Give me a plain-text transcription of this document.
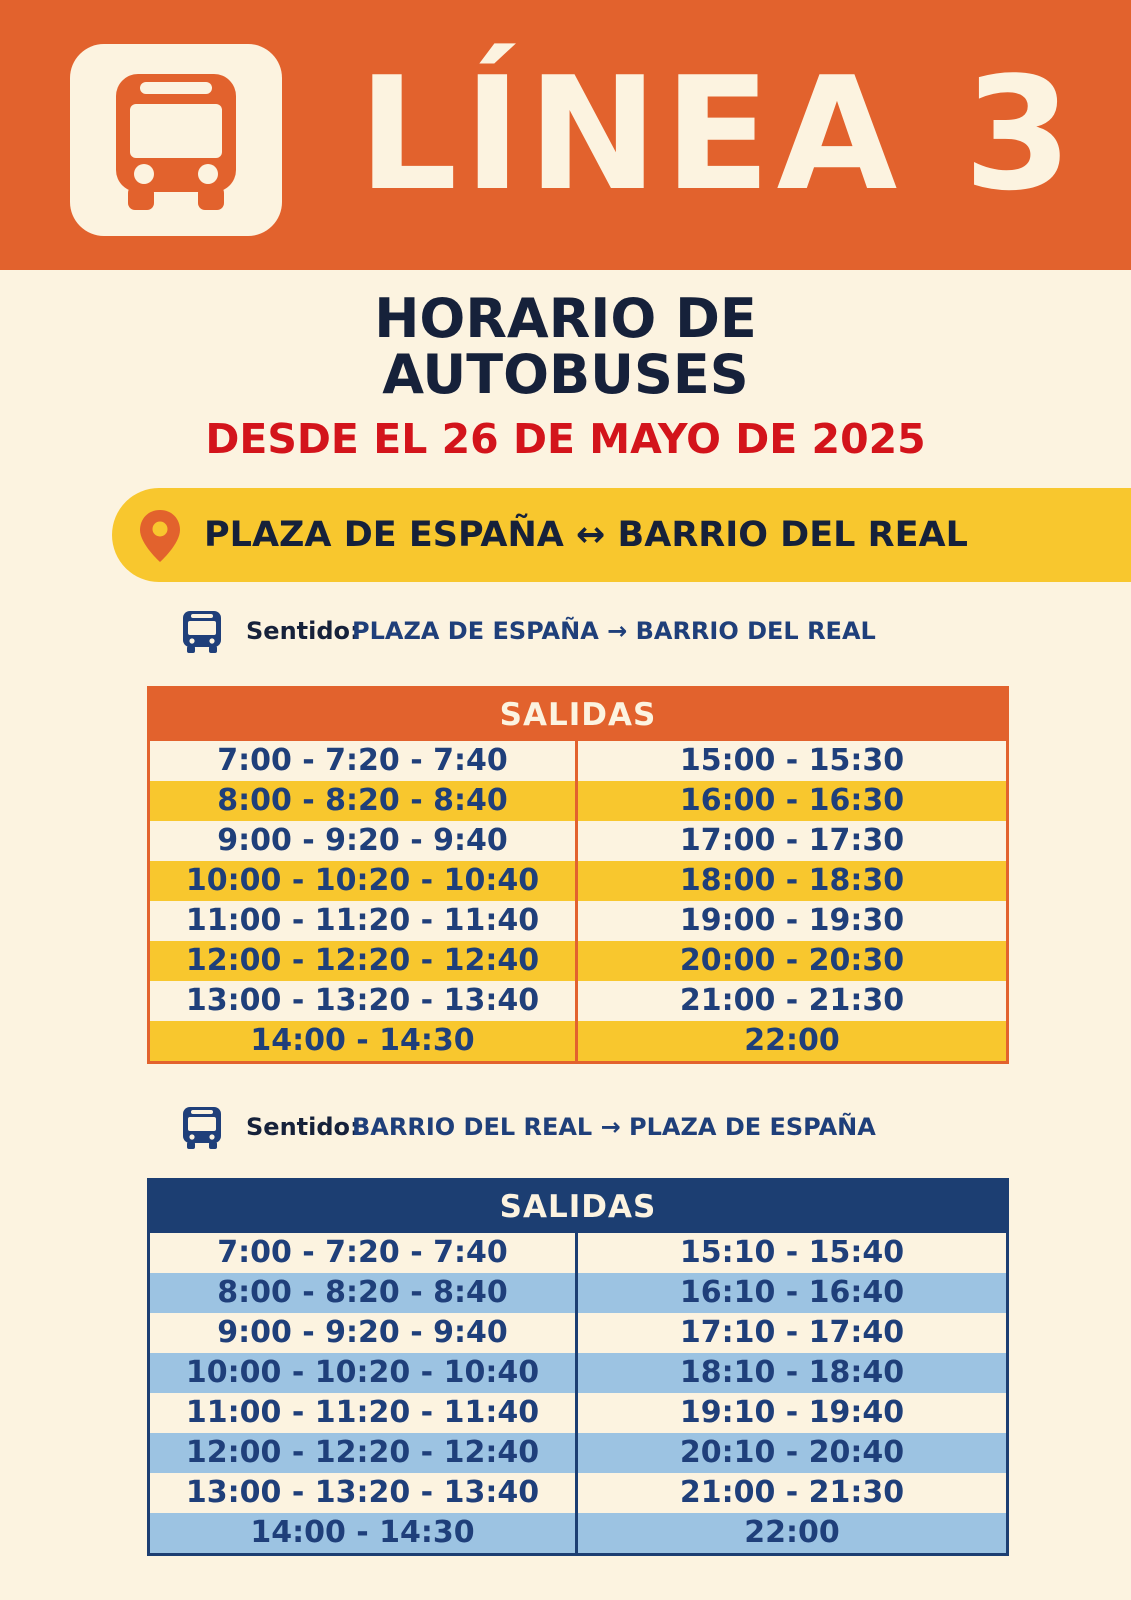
LÍNEA 3
HORARIO DE
AUTOBUSES
DESDE EL 26 DE MAYO DE 2025
PLAZA DE ESPAÑA ↔ BARRIO DEL REAL
Sentido:
PLAZA DE ESPAÑA → BARRIO DEL REAL
SALIDAS
7:00 - 7:20 - 7:40
8:00 - 8:20 - 8:40
9:00 - 9:20 - 9:40
10:00 - 10:20 - 10:40
11:00 - 11:20 - 11:40
12:00 - 12:20 - 12:40
13:00 - 13:20 - 13:40
14:00 - 14:30
15:00 - 15:30
16:00 - 16:30
17:00 - 17:30
18:00 - 18:30
19:00 - 19:30
20:00 - 20:30
21:00 - 21:30
22:00
Sentido:
BARRIO DEL REAL → PLAZA DE ESPAÑA
SALIDAS
7:00 - 7:20 - 7:40
8:00 - 8:20 - 8:40
9:00 - 9:20 - 9:40
10:00 - 10:20 - 10:40
11:00 - 11:20 - 11:40
12:00 - 12:20 - 12:40
13:00 - 13:20 - 13:40
14:00 - 14:30
15:10 - 15:40
16:10 - 16:40
17:10 - 17:40
18:10 - 18:40
19:10 - 19:40
20:10 - 20:40
21:00 - 21:30
22:00
